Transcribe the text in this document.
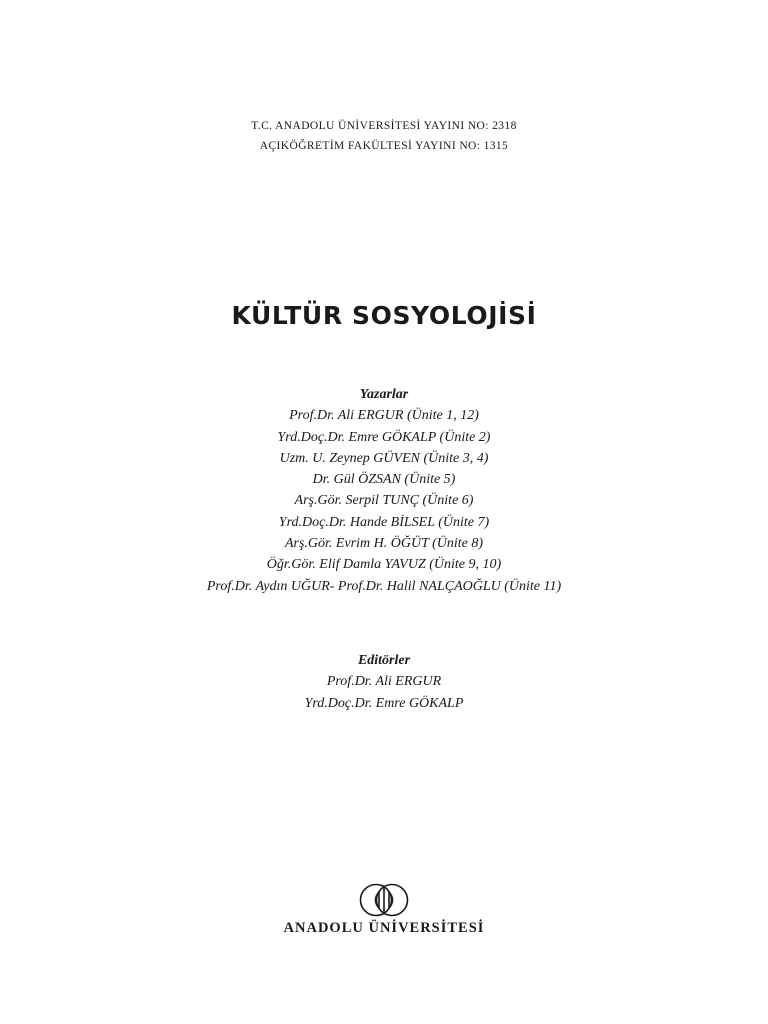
T.C. ANADOLU ÜNİVERSİTESİ YAYINI NO: 2318
AÇIKÖĞRETİM FAKÜLTESİ YAYINI NO: 1315
KÜLTÜR SOSYOLOJİSİ
Yazarlar
Prof.Dr. Ali ERGUR (Ünite 1, 12)
Yrd.Doç.Dr. Emre GÖKALP (Ünite 2)
Uzm. U. Zeynep GÜVEN (Ünite 3, 4)
Dr. Gül ÖZSAN (Ünite 5)
Arş.Gör. Serpil TUNÇ (Ünite 6)
Yrd.Doç.Dr. Hande BİLSEL (Ünite 7)
Arş.Gör. Evrim H. ÖĞÜT (Ünite 8)
Öğr.Gör. Elif Damla YAVUZ (Ünite 9, 10)
Prof.Dr. Aydın UĞUR- Prof.Dr. Halil NALÇAOĞLU (Ünite 11)
Editörler
Prof.Dr. Ali ERGUR
Yrd.Doç.Dr. Emre GÖKALP
ANADOLU ÜNİVERSİTESİ
